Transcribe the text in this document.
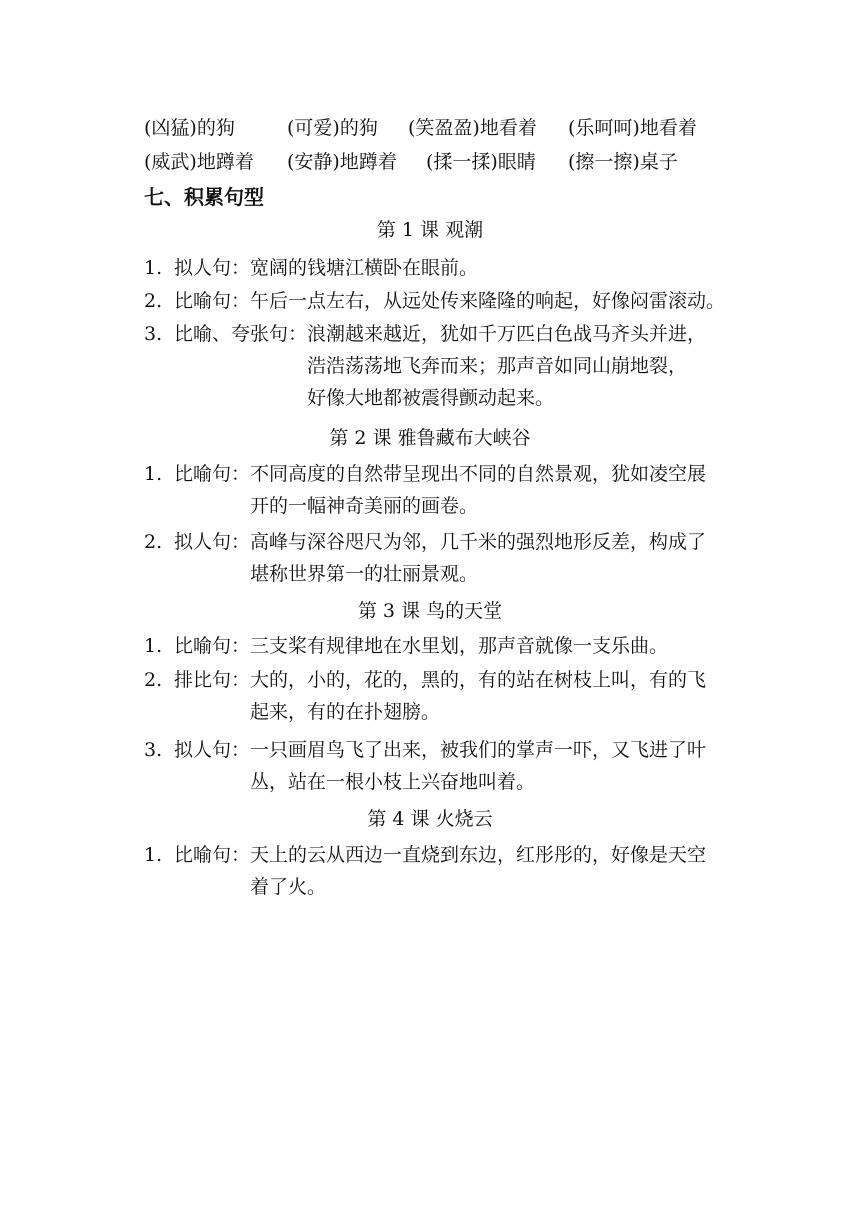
(凶猛)的狗	(可爱)的狗 (笑盈盈)地看着 (乐呵呵)地看着
(威武)地蹲着 (安静)地蹲着 (揉一揉)眼睛 (擦一擦)桌子
七、积累句型
第 1 课 观潮
1. 拟人句： 宽阔的钱塘江横卧在眼前。
2. 比喻句： 午后一点左右，从远处传来隆隆的响起，好像闷雷滚动。
3. 比喻、夸张句： 浪潮越来越近，犹如千万匹白色战马齐头并进，
浩浩荡荡地飞奔而来；那声音如同山崩地裂，
好像大地都被震得颤动起来。
第 2 课 雅鲁藏布大峡谷
1. 比喻句： 不同高度的自然带呈现出不同的自然景观，犹如凌空展
开的一幅神奇美丽的画卷。
2. 拟人句： 高峰与深谷咫尺为邻，几千米的强烈地形反差，构成了
堪称世界第一的壮丽景观。
第 3 课 鸟的天堂
1. 比喻句： 三支桨有规律地在水里划，那声音就像一支乐曲。
2. 排比句： 大的，小的，花的，黑的，有的站在树枝上叫，有的飞
起来，有的在扑翅膀。
3. 拟人句： 一只画眉鸟飞了出来，被我们的掌声一吓，又飞进了叶
丛，站在一根小枝上兴奋地叫着。
第 4 课 火烧云
1. 比喻句： 天上的云从西边一直烧到东边，红彤彤的，好像是天空
着了火。
